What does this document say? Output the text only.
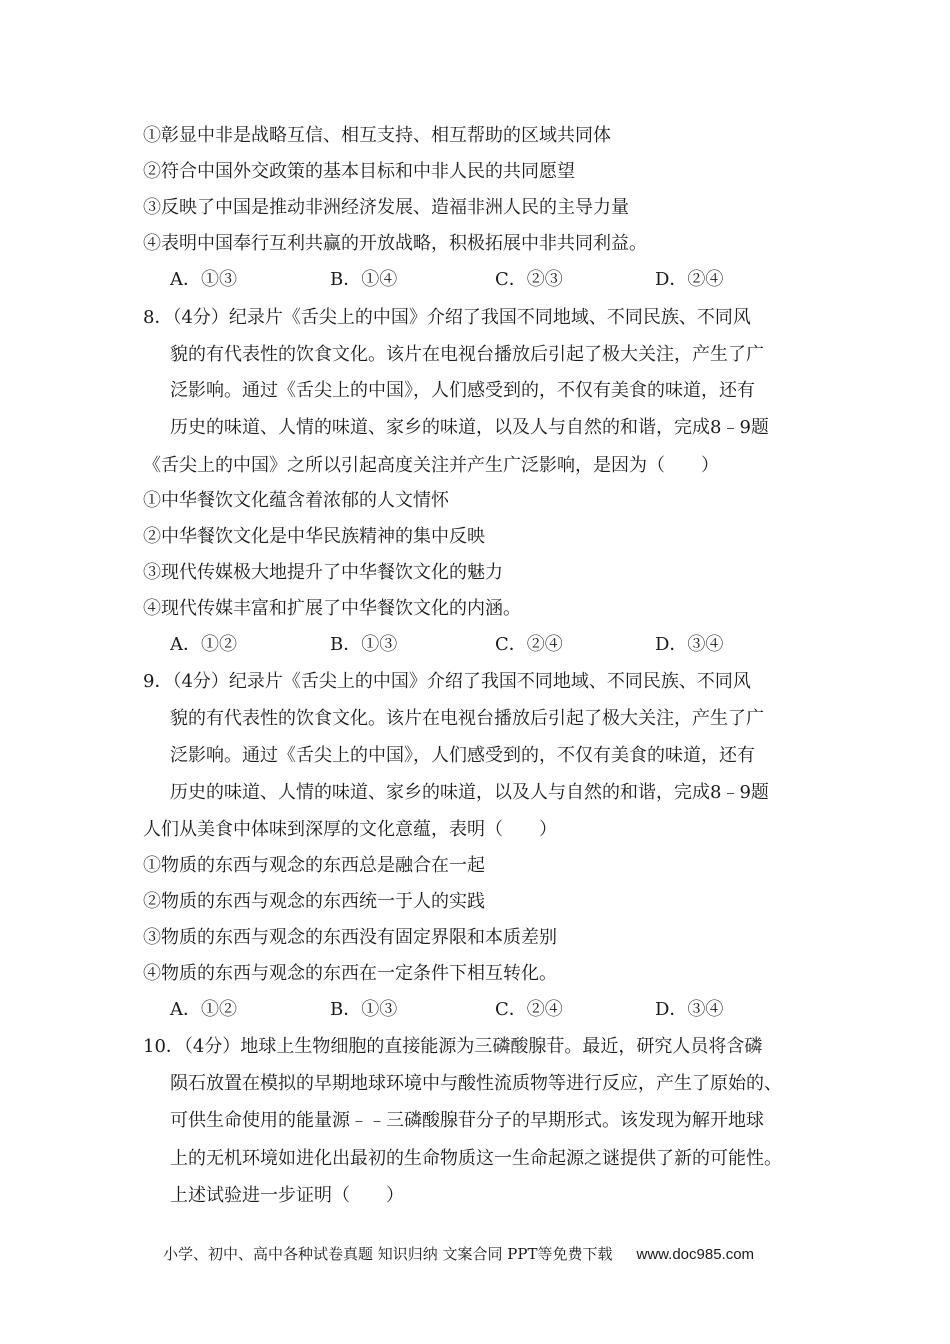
①彰显中非是战略互信、相互支持、相互帮助的区域共同体
②符合中国外交政策的基本目标和中非人民的共同愿望
③反映了中国是推动非洲经济发展、造福非洲人民的主导力量
④表明中国奉行互利共赢的开放战略，积极拓展中非共同利益。
A．①③	B．①④	C．②③	D．②④
8．（4分）纪录片《舌尖上的中国》介绍了我国不同地域、不同民族、不同风
貌的有代表性的饮食文化。该片在电视台播放后引起了极大关注，产生了广
泛影响。通过《舌尖上的中国》，人们感受到的，不仅有美食的味道，还有
历史的味道、人情的味道、家乡的味道，以及人与自然的和谐，完成8﹣9题
《舌尖上的中国》之所以引起高度关注并产生广泛影响，是因为（　　）
①中华餐饮文化蕴含着浓郁的人文情怀
②中华餐饮文化是中华民族精神的集中反映
③现代传媒极大地提升了中华餐饮文化的魅力
④现代传媒丰富和扩展了中华餐饮文化的内涵。
A．①②	B．①③	C．②④	D．③④
9．（4分）纪录片《舌尖上的中国》介绍了我国不同地域、不同民族、不同风
貌的有代表性的饮食文化。该片在电视台播放后引起了极大关注，产生了广
泛影响。通过《舌尖上的中国》，人们感受到的，不仅有美食的味道，还有
历史的味道、人情的味道、家乡的味道，以及人与自然的和谐，完成8﹣9题
人们从美食中体味到深厚的文化意蕴，表明（　　）
①物质的东西与观念的东西总是融合在一起
②物质的东西与观念的东西统一于人的实践
③物质的东西与观念的东西没有固定界限和本质差别
④物质的东西与观念的东西在一定条件下相互转化。
A．①②	B．①③	C．②④	D．③④
10．（4分）地球上生物细胞的直接能源为三磷酸腺苷。最近，研究人员将含磷
陨石放置在模拟的早期地球环境中与酸性流质物等进行反应，产生了原始的、
可供生命使用的能量源﹣﹣三磷酸腺苷分子的早期形式。该发现为解开地球
上的无机环境如进化出最初的生命物质这一生命起源之谜提供了新的可能性。
上述试验进一步证明（　　）
小学、初中、高中各种试卷真题 知识归纳 文案合同 PPT等免费下载 www.doc985.com
